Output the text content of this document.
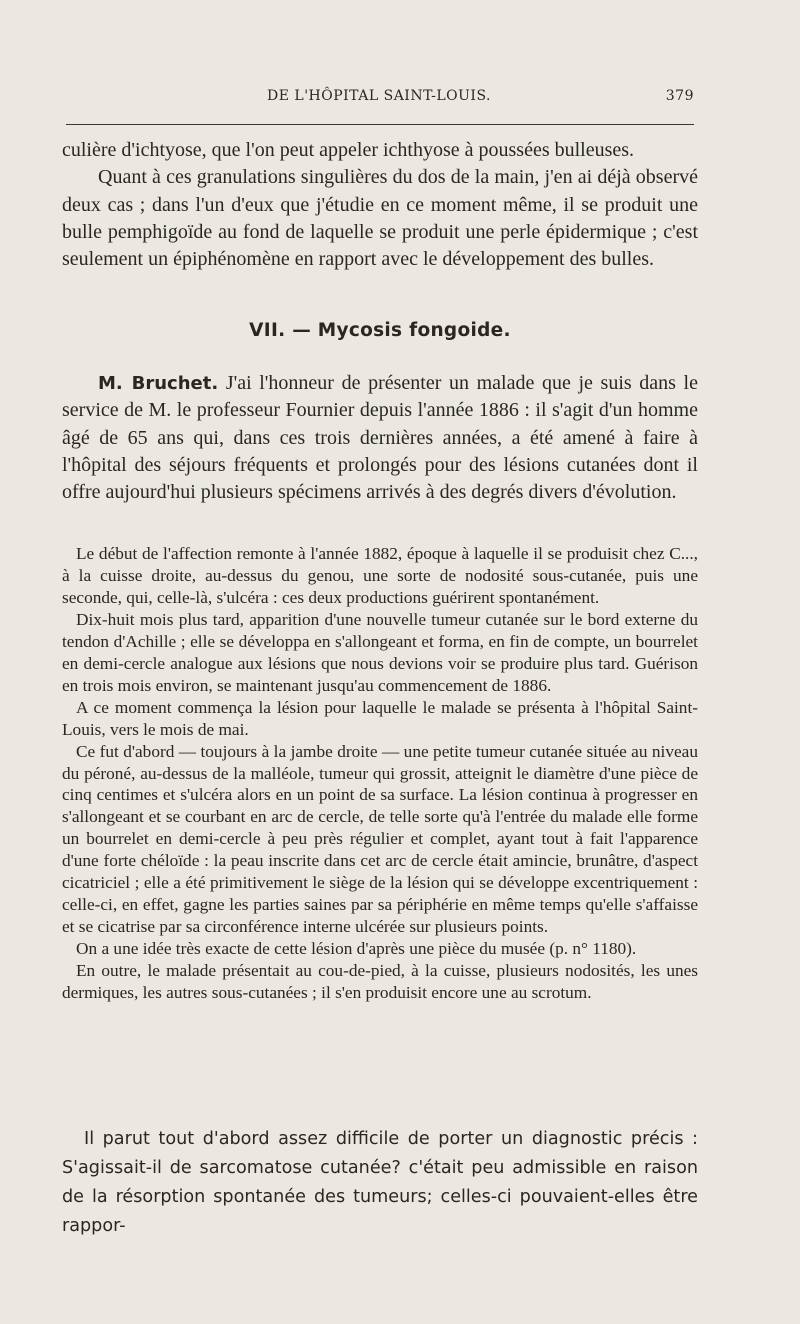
DE L'HÔPITAL SAINT-LOUIS.	379

culière d'ichtyose, que l'on peut appeler ichthyose à poussées bulleuses.

Quant à ces granulations singulières du dos de la main, j'en ai déjà observé deux cas ; dans l'un d'eux que j'étudie en ce moment même, il se produit une bulle pemphigoïde au fond de laquelle se produit une perle épidermique ; c'est seulement un épiphénomène en rapport avec le développement des bulles.

VII. — Mycosis fongoide.

M. Bruchet. J'ai l'honneur de présenter un malade que je suis dans le service de M. le professeur Fournier depuis l'année 1886 : il s'agit d'un homme âgé de 65 ans qui, dans ces trois dernières années, a été amené à faire à l'hôpital des séjours fréquents et prolongés pour des lésions cutanées dont il offre aujourd'hui plusieurs spécimens arrivés à des degrés divers d'évolution.

Le début de l'affection remonte à l'année 1882, époque à laquelle il se produisit chez C..., à la cuisse droite, au-dessus du genou, une sorte de nodosité sous-cutanée, puis une seconde, qui, celle-là, s'ulcéra : ces deux productions guérirent spontanément.

Dix-huit mois plus tard, apparition d'une nouvelle tumeur cutanée sur le bord externe du tendon d'Achille ; elle se développa en s'allongeant et forma, en fin de compte, un bourrelet en demi-cercle analogue aux lésions que nous devions voir se produire plus tard. Guérison en trois mois environ, se maintenant jusqu'au commencement de 1886.

A ce moment commença la lésion pour laquelle le malade se présenta à l'hôpital Saint-Louis, vers le mois de mai.

Ce fut d'abord — toujours à la jambe droite — une petite tumeur cutanée située au niveau du péroné, au-dessus de la malléole, tumeur qui grossit, atteignit le diamètre d'une pièce de cinq centimes et s'ulcéra alors en un point de sa surface. La lésion continua à progresser en s'allongeant et se courbant en arc de cercle, de telle sorte qu'à l'entrée du malade elle forme un bourrelet en demi-cercle à peu près régulier et complet, ayant tout à fait l'apparence d'une forte chéloïde : la peau inscrite dans cet arc de cercle était amincie, brunâtre, d'aspect cicatriciel ; elle a été primitivement le siège de la lésion qui se développe excentriquement : celle-ci, en effet, gagne les parties saines par sa périphérie en même temps qu'elle s'affaisse et se cicatrise par sa circonférence interne ulcérée sur plusieurs points.

On a une idée très exacte de cette lésion d'après une pièce du musée (p. n° 1180).

En outre, le malade présentait au cou-de-pied, à la cuisse, plusieurs nodosités, les unes dermiques, les autres sous-cutanées ; il s'en produisit encore une au scrotum.

Il parut tout d'abord assez difficile de porter un diagnostic précis : S'agissait-il de sarcomatose cutanée? c'était peu admissible en raison de la résorption spontanée des tumeurs; celles-ci pouvaient-elles être rappor-
